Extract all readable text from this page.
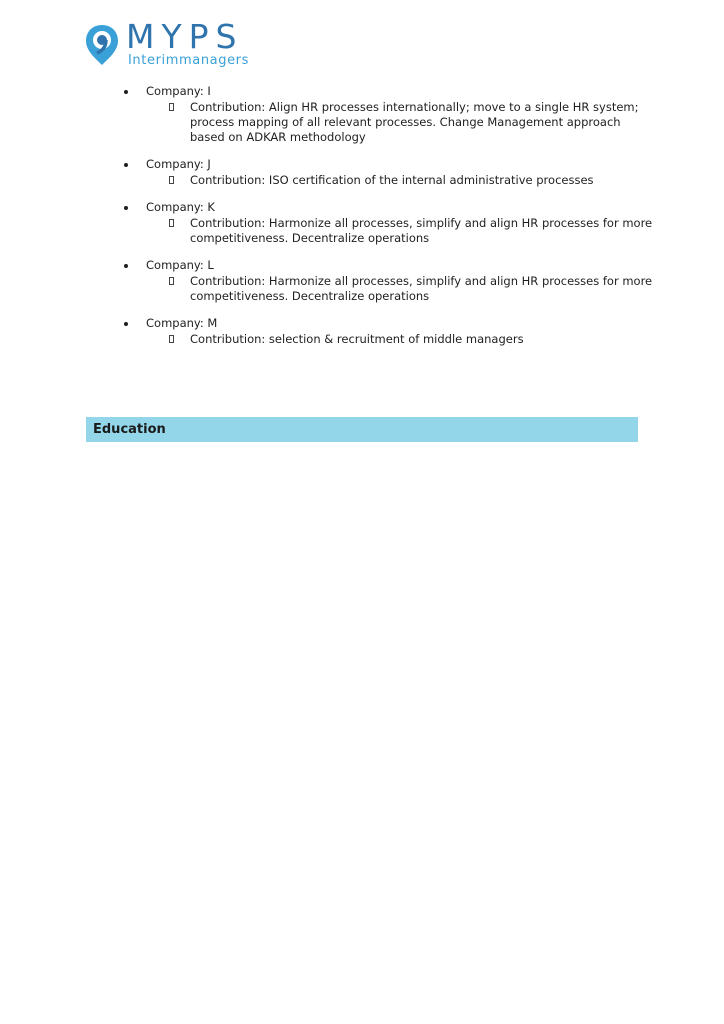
MYPS
Interimmanagers
Company: I
Contribution: Align HR processes internationally; move to a single HR system; process mapping of all relevant processes. Change Management approach based on ADKAR methodology
Company: J
Contribution: ISO certification of the internal administrative processes
Company: K
Contribution: Harmonize all processes, simplify and align HR processes for more competitiveness. Decentralize operations
Company: L
Contribution: Harmonize all processes, simplify and align HR processes for more competitiveness. Decentralize operations
Company: M
Contribution: selection & recruitment of middle managers
Education
